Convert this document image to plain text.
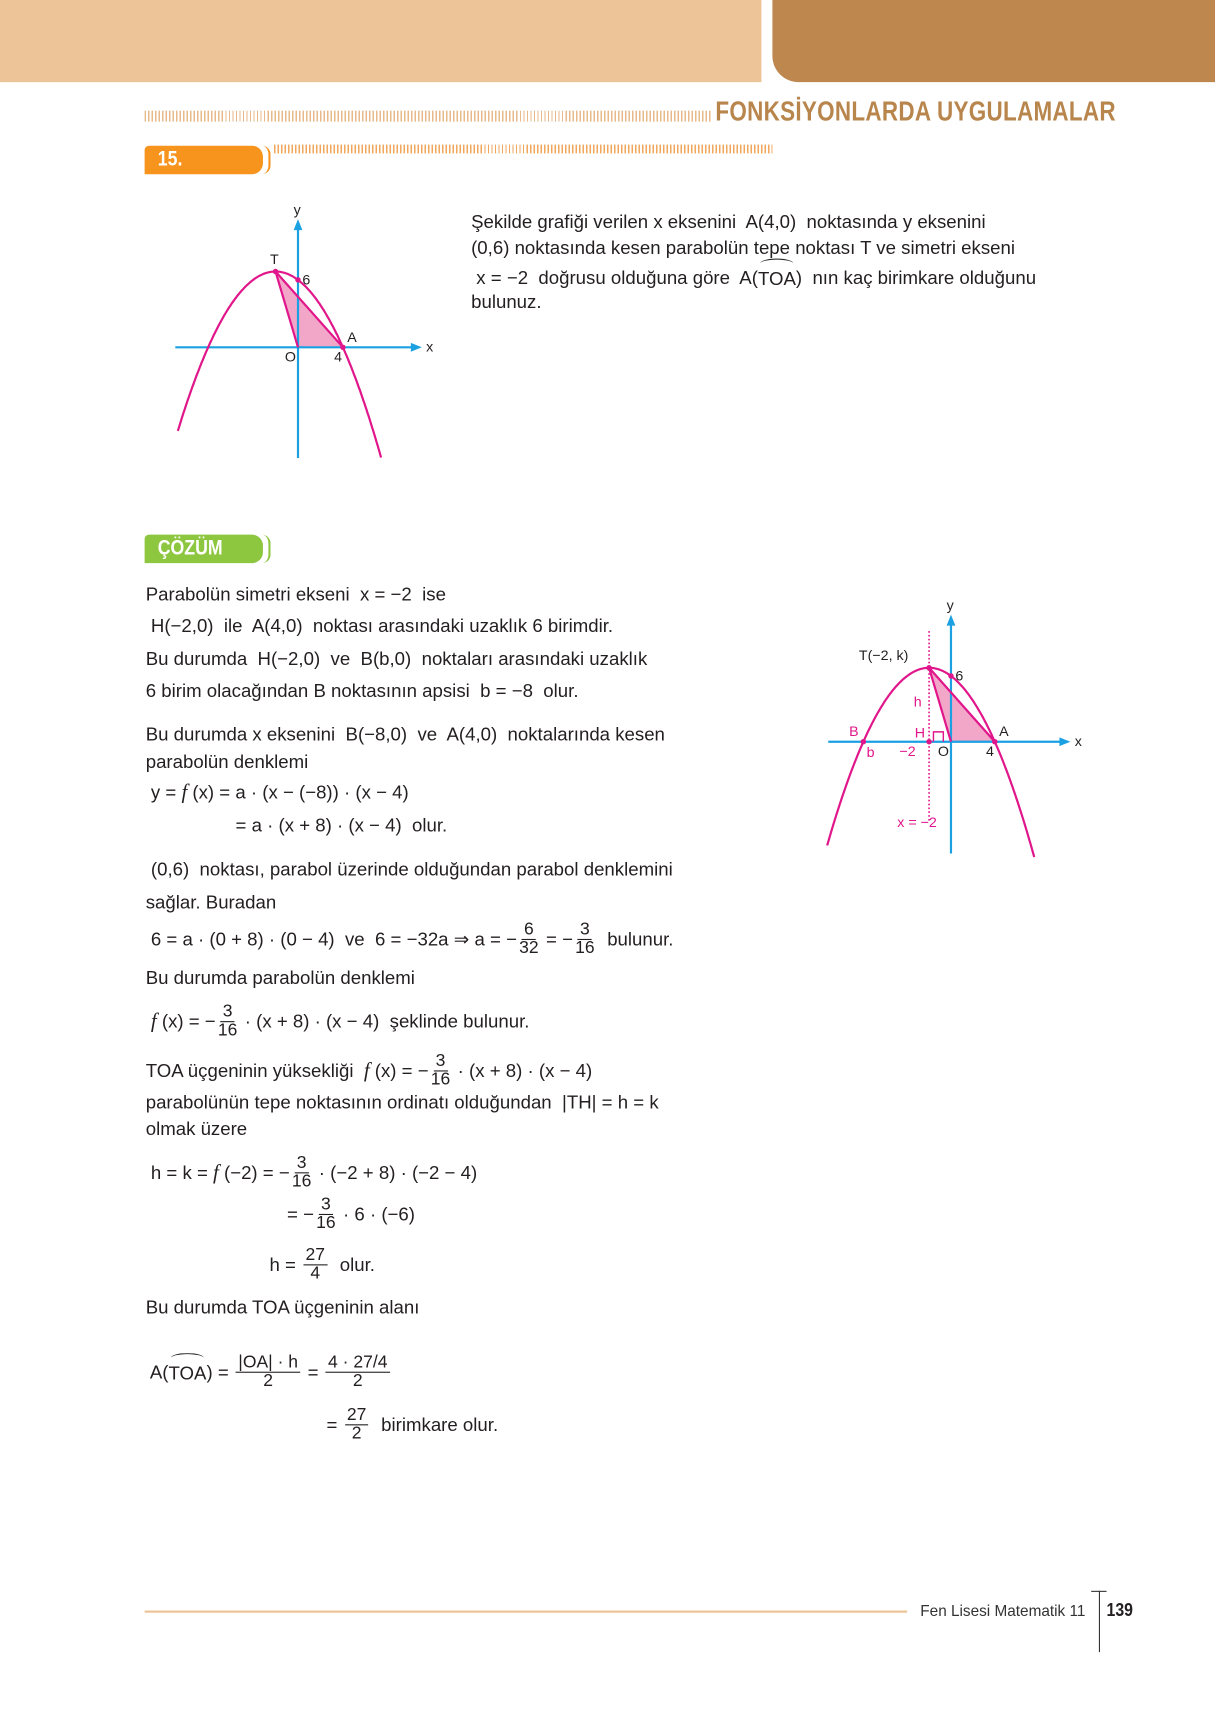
FONKSİYONLARDA UYGULAMALAR
15. ÖRNEK
y
x
6
A
O	4
T
Şekilde grafiği verilen x eksenini  A(4,0)  noktasında y eksenini
(0,6) noktasında kesen parabolün tepe noktası T ve simetri ekseni
x = −2  doğrusu olduğuna göre  A( TOA )  nın kaç birimkare olduğunu
bulunuz.
ÇÖZÜM
Parabolün simetri ekseni  x = −2  ise
H(−2,0)  ile  A(4,0)  noktası arasındaki uzaklık 6 birimdir.
Bu durumda  H(−2,0)  ve  B(b,0)  noktaları arasındaki uzaklık
6 birim olacağından B noktasının apsisi  b = −8  olur.
Bu durumda x eksenini  B(−8,0)  ve  A(4,0)  noktalarında kesen
parabolün denklemi
y = f (x) = a · (x − (−8)) · (x − 4)
= a · (x + 8) · (x − 4)  olur.
(0,6)  noktası, parabol üzerinde olduğundan parabol denklemini
sağlar. Buradan
6 = a · (0 + 8) · (0 − 4)  ve  6 = −32a ⇒ a = − $\frac{6}{32}$ = − $\frac{3}{16}$ bulunur.
Bu durumda parabolün denklemi

f (x) = − $\frac{3}{16} \cdot (x + 8) \cdot (x - 4)$  şeklinde bulunur.
TOA üçgeninin yüksekliği f (x) = − $\frac{3}{16} \cdot (x + 8) \cdot (x - 4)$
parabolünün tepe noktasının ordinatı olduğundan  |TH| = h = k
olmak üzere
h = k = f (−2) = − $\frac{3}{16} \cdot (-2 + 8) \cdot (-2 - 4)$
= − $\frac{3}{16} \cdot 6 \cdot (-6)$
$h = \frac{27}{4}$ olur.
Bu durumda TOA üçgeninin alanı
A( TOA ) = $\frac{|OA| \cdot h}{2} = \frac{4 \cdot 27/4}{2}$
= $\frac{27}{2}$ birimkare olur.
y
x
6
A
O	4
T(−2, k)
h
B	H
b −2
x = −2
Fen Lisesi Matematik 11 139
